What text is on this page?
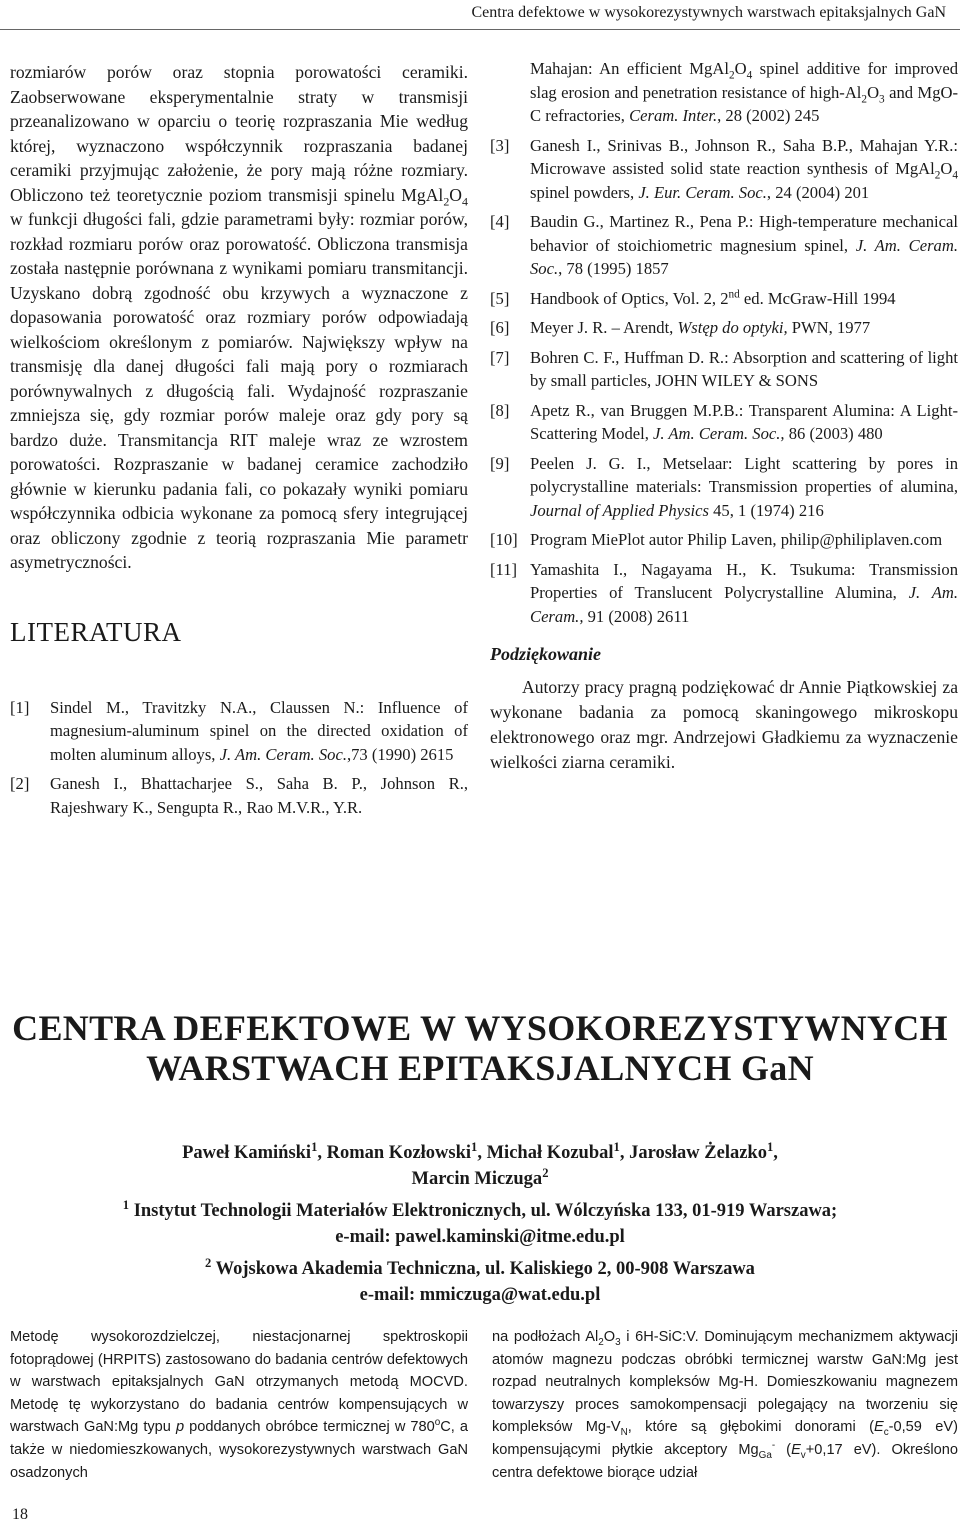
Centra defektowe w wysokorezystywnych warstwach epitaksjalnych GaN

rozmiarów porów oraz stopnia porowatości ceramiki. Zaobserwowane eksperymentalnie straty w transmisji przeanalizowano w oparciu o teorię rozpraszania Mie według której, wyznaczono współczynnik rozpraszania badanej ceramiki przyjmując założenie, że pory mają różne rozmiary. Obliczono też teoretycznie poziom transmisji spinelu $MgAl_2O_4$ w funkcji długości fali, gdzie parametrami były: rozmiar porów, rozkład rozmiaru porów oraz porowatość. Obliczona transmisja została następnie porównana z wynikami pomiaru transmitancji. Uzyskano dobrą zgodność obu krzywych a wyznaczone z dopasowania porowatość oraz rozmiary porów odpowiadają wielkościom określonym z pomiarów. Największy wpływ na transmisję dla danej długości fali mają pory o rozmiarach porównywalnych z długością fali. Wydajność rozpraszanie zmniejsza się, gdy rozmiar porów maleje oraz gdy pory są bardzo duże. Transmitancja RIT maleje wraz ze wzrostem porowatości. Rozpraszanie w badanej ceramice zachodziło głównie w kierunku padania fali, co pokazały wyniki pomiaru współczynnika odbicia wykonane za pomocą sfery integrującej oraz obliczony zgodnie z teorią rozpraszania Mie parametr asymetryczności.

LITERATURA

[1] Sindel M., Travitzky N.A., Claussen N.: Influence of magnesium-aluminum spinel on the directed oxidation of molten aluminum alloys, J. Am. Ceram. Soc.,73 (1990) 2615

[2] Ganesh I., Bhattacharjee S., Saha B. P., Johnson R., Rajeshwary K., Sengupta R., Rao M.V.R., Y.R.

Mahajan: An efficient $MgAl_2O_4$ spinel additive for improved slag erosion and penetration resistance of high-$Al_2O_3$ and MgO-C refractories, Ceram. Inter., 28 (2002) 245

[3] Ganesh I., Srinivas B., Johnson R., Saha B.P., Mahajan Y.R.: Microwave assisted solid state reaction synthesis of $MgAl_2O_4$ spinel powders, J. Eur. Ceram. Soc., 24 (2004) 201

[4] Baudin G., Martinez R., Pena P.: High-temperature mechanical behavior of stoichiometric magnesium spinel, J. Am. Ceram. Soc., 78 (1995) 1857

[5] Handbook of Optics, Vol. 2, 2nd ed. McGraw-Hill 1994

[6] Meyer J. R. – Arendt, Wstęp do optyki, PWN, 1977

[7] Bohren C. F., Huffman D. R.: Absorption and scattering of light by small particles, JOHN WILEY & SONS

[8] Apetz R., van Bruggen M.P.B.: Transparent Alumina: A Light-Scattering Model, J. Am. Ceram. Soc., 86 (2003) 480

[9] Peelen J. G. I., Metselaar: Light scattering by pores in polycrystalline materials: Transmission properties of alumina, Journal of Applied Physics 45, 1 (1974) 216

[10] Program MiePlot autor Philip Laven, philip@philiplaven.com

[11] Yamashita I., Nagayama H., K. Tsukuma: Transmission Properties of Translucent Polycrystalline Alumina, J. Am. Ceram., 91 (2008) 2611

Podziękowanie

Autorzy pracy pragną podziękować dr Annie Piątkowskiej za wykonane badania za pomocą skaningowego mikroskopu elektronowego oraz mgr. Andrzejowi Gładkiemu za wyznaczenie wielkości ziarna ceramiki.

CENTRA DEFEKTOWE W WYSOKOREZYSTYWNYCH
WARSTWACH EPITAKSJALNYCH GaN

Paweł Kamiński$^1$, Roman Kozłowski$^1$, Michał Kozubal$^1$, Jarosław Żelazko$^1$,

Marcin Miczuga$^2$

$^1$ Instytut Technologii Materiałów Elektronicznych, ul. Wólczyńska 133, 01-919 Warszawa;

e-mail: pawel.kaminski@itme.edu.pl

$^2$ Wojskowa Akademia Techniczna, ul. Kaliskiego 2, 00-908 Warszawa

e-mail: mmiczuga@wat.edu.pl

Metodę wysokorozdzielczej, niestacjonarnej spektroskopii fotoprądowej (HRPITS) zastosowano do badania centrów defektowych w warstwach epitaksjalnych GaN otrzymanych metodą MOCVD. Metodę tę wykorzystano do badania centrów kompensujących w warstwach GaN:Mg typu p poddanych obróbce termicznej w 780$^o$C, a także w niedomieszkowanych, wysokorezystywnych warstwach GaN osadzonych

na podłożach $Al_2O_3$ i 6H-SiC:V. Dominującym mechanizmem aktywacji atomów magnezu podczas obróbki termicznej warstw GaN:Mg jest rozpad neutralnych kompleksów Mg-H. Domieszkowaniu magnezem towarzyszy proces samokompensacji polegający na tworzeniu się kompleksów $Mg-V_N$, które są głębokimi donorami ($E_c-0,59$ eV) kompensującymi płytkie akceptory $Mg_{Ga}^-$ ($E_v+0,17$ eV). Określono centra defektowe biorące udział

18
